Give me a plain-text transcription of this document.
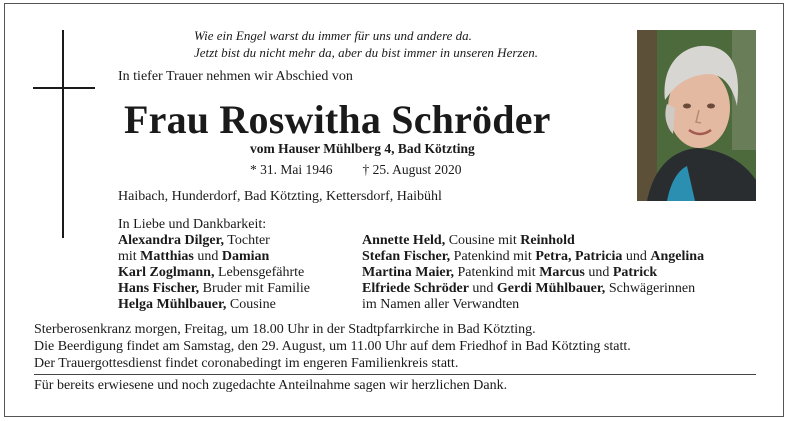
Wie ein Engel warst du immer für uns und andere da.
Jetzt bist du nicht mehr da, aber du bist immer in unseren Herzen.
In tiefer Trauer nehmen wir Abschied von
Frau Roswitha Schröder
vom Hauser Mühlberg 4, Bad Kötzting
* 31. Mai 1946 † 25. August 2020
Haibach, Hunderdorf, Bad Kötzting, Kettersdorf, Haibühl
In Liebe und Dankbarkeit:
Alexandra Dilger, Tochter
mit Matthias und Damian
Karl Zoglmann, Lebensgefährte
Hans Fischer, Bruder mit Familie
Helga Mühlbauer, Cousine
Annette Held, Cousine mit Reinhold
Stefan Fischer, Patenkind mit Petra, Patricia und Angelina
Martina Maier, Patenkind mit Marcus und Patrick
Elfriede Schröder und Gerdi Mühlbauer, Schwägerinnen
im Namen aller Verwandten
Sterberosenkranz morgen, Freitag, um 18.00 Uhr in der Stadtpfarrkirche in Bad Kötzting.
Die Beerdigung findet am Samstag, den 29. August, um 11.00 Uhr auf dem Friedhof in Bad Kötzting statt.
Der Trauergottesdienst findet coronabedingt im engeren Familienkreis statt.
Für bereits erwiesene und noch zugedachte Anteilnahme sagen wir herzlichen Dank.
